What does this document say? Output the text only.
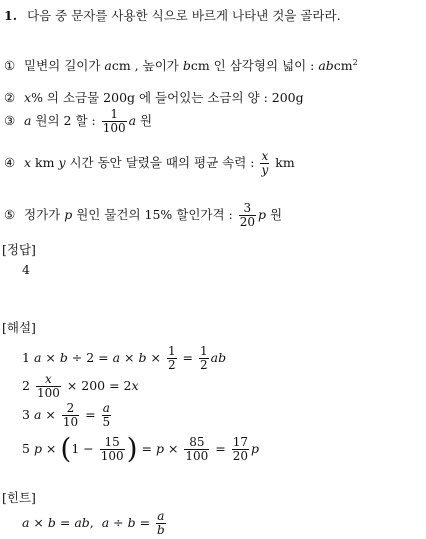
1. 다음 중 문자를 사용한 식으로 바르게 나타낸 것을 골라라.
① 밑변의 길이가 acm , 높이가 bcm 인 삼각형의 넓이 : abcm$^2$
② x% 의 소금물 200g 에 들어있는 소금의 양 : 200g
③ a 원의 2 할 : $\frac{1}{100}$ a 원
④ x km y 시간 동안 달렸을 때의 평균 속력 : $\frac{x}{y}$ km
⑤ 정가가 p 원인 물건의 15% 할인가격 : $\frac{3}{20}$ p 원
[정답]
4
[해설]
1 $a \times b \div 2 = a \times b \times \frac{1}{2} = \frac{1}{2}$ ab
$2 \frac{x}{100} \times 200 = 2x$
3 $a \times \frac{2}{10} = \frac{a}{5}$
5 $p \times (1 - \frac{15}{100}$ ) = $p \times \frac{85}{100} = \frac{17}{20}$ p
[힌트]
a × b = ab,  $a \div b = \frac{a}{b}$
